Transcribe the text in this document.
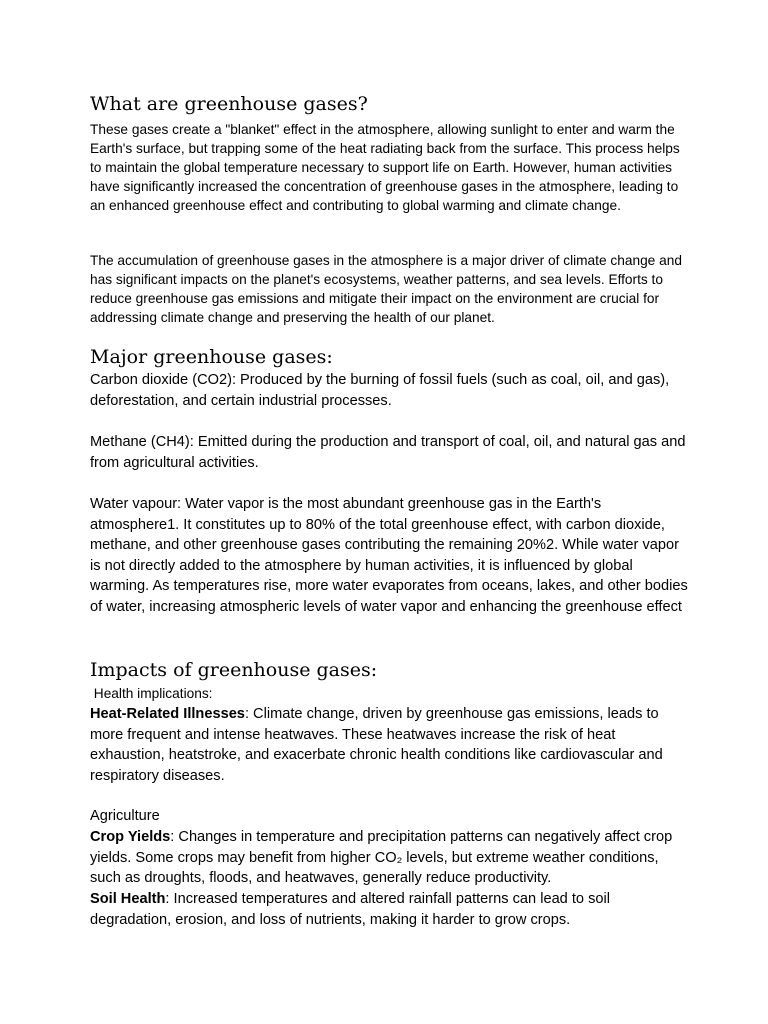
What are greenhouse gases?

These gases create a "blanket" effect in the atmosphere, allowing sunlight to enter and warm the Earth's surface, but trapping some of the heat radiating back from the surface. This process helps to maintain the global temperature necessary to support life on Earth. However, human activities have significantly increased the concentration of greenhouse gases in the atmosphere, leading to an enhanced greenhouse effect and contributing to global warming and climate change.

The accumulation of greenhouse gases in the atmosphere is a major driver of climate change and has significant impacts on the planet's ecosystems, weather patterns, and sea levels. Efforts to reduce greenhouse gas emissions and mitigate their impact on the environment are crucial for addressing climate change and preserving the health of our planet.

Major greenhouse gases:

Carbon dioxide (CO2): Produced by the burning of fossil fuels (such as coal, oil, and gas), deforestation, and certain industrial processes.

Methane (CH4): Emitted during the production and transport of coal, oil, and natural gas and from agricultural activities.

Water vapour: Water vapor is the most abundant greenhouse gas in the Earth's atmosphere1. It constitutes up to 80% of the total greenhouse effect, with carbon dioxide, methane, and other greenhouse gases contributing the remaining 20%2. While water vapor is not directly added to the atmosphere by human activities, it is influenced by global warming. As temperatures rise, more water evaporates from oceans, lakes, and other bodies of water, increasing atmospheric levels of water vapor and enhancing the greenhouse effect

Impacts of greenhouse gases:

Health implications:

Heat-Related Illnesses: Climate change, driven by greenhouse gas emissions, leads to more frequent and intense heatwaves. These heatwaves increase the risk of heat exhaustion, heatstroke, and exacerbate chronic health conditions like cardiovascular and respiratory diseases.

Agriculture

Crop Yields: Changes in temperature and precipitation patterns can negatively affect crop yields. Some crops may benefit from higher CO₂ levels, but extreme weather conditions, such as droughts, floods, and heatwaves, generally reduce productivity.

Soil Health: Increased temperatures and altered rainfall patterns can lead to soil degradation, erosion, and loss of nutrients, making it harder to grow crops.
